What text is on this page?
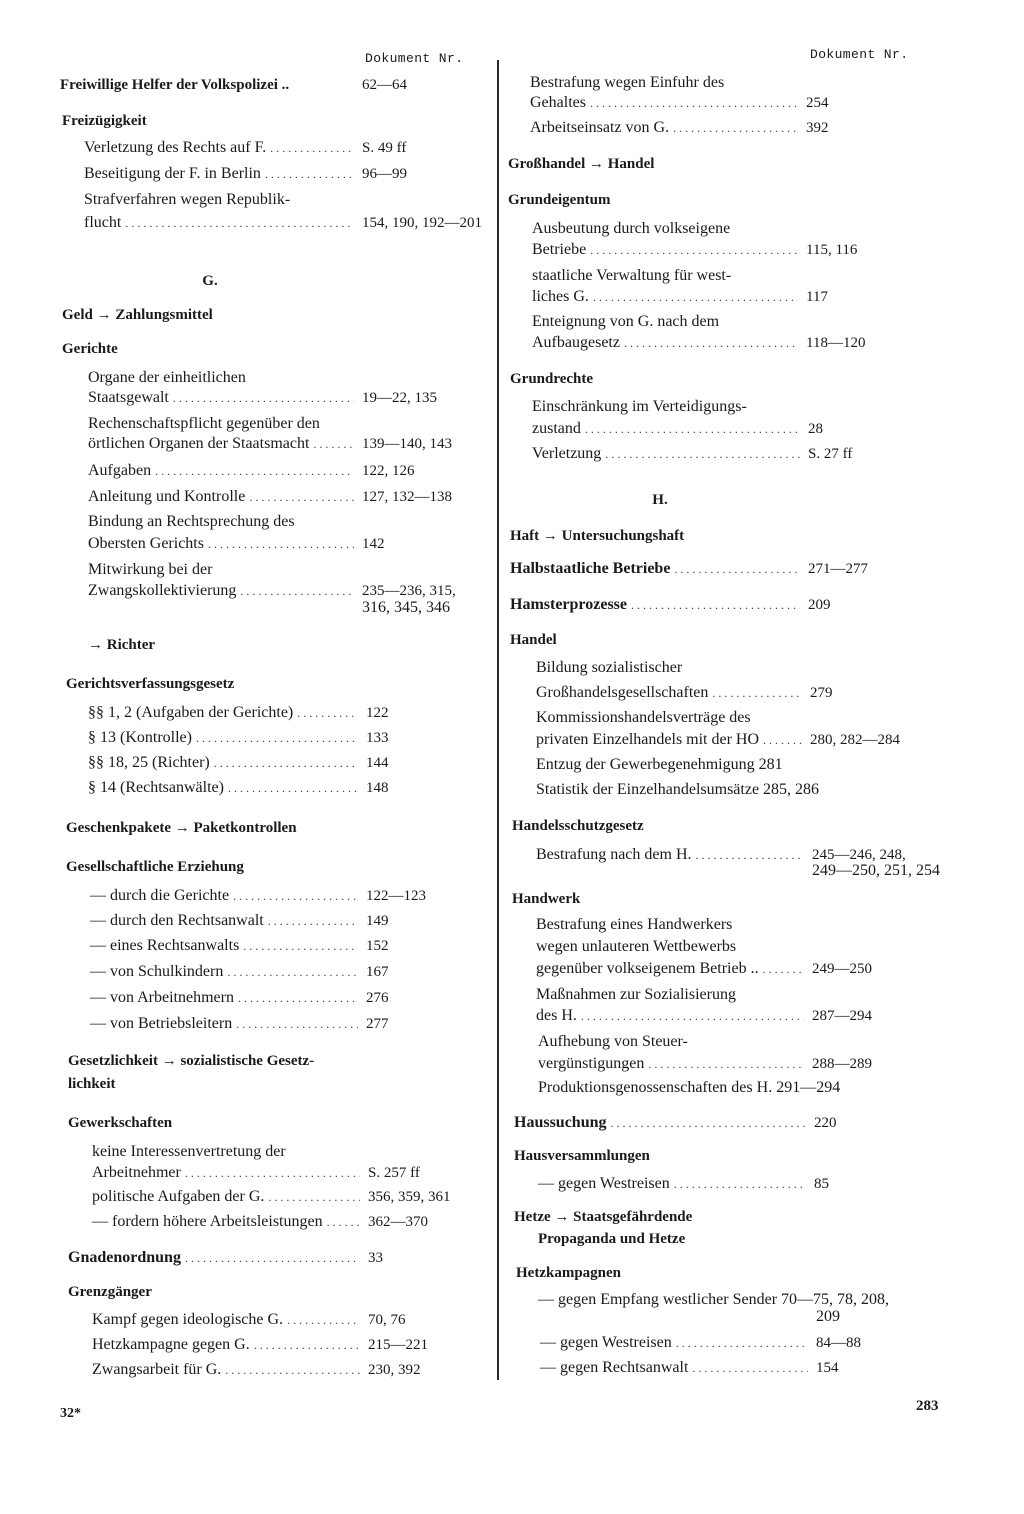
Dokument Nr.	Dokument Nr.
62—64
Freiwillige Helfer der Volkspolizei ..
Freizügigkeit
S. 49 ff
Verletzung des Rechts auf F.
. . .
96—99
Beseitigung der F. in Berlin
. . .
Strafverfahren wegen Republik-
154, 190, 192—201
flucht
. . .
G.
Geld → Zahlungsmittel
Gerichte
Organe der einheitlichen
19—22, 135
Staatsgewalt
. . .
Rechenschaftspflicht gegenüber den
139—140, 143
örtlichen Organen der Staatsmacht
. . .
122, 126
Aufgaben
. . .
127, 132—138
Anleitung und Kontrolle
. . .
Bindung an Rechtsprechung des
142
Obersten Gerichts
. . .
Mitwirkung bei der
235—236, 315,
Zwangskollektivierung
. . .
316, 345, 346
→ Richter
Gerichtsverfassungsgesetz
122
§§ 1, 2 (Aufgaben der Gerichte)
. . .
133
§ 13 (Kontrolle)
. . .
144
§§ 18, 25 (Richter)
. . .
148
§ 14 (Rechtsanwälte)
. . .
Geschenkpakete → Paketkontrollen
Gesellschaftliche Erziehung
122—123
— durch die Gerichte
. . .
149
— durch den Rechtsanwalt
. . .
152
— eines Rechtsanwalts
. . .
167
— von Schulkindern
. . .
276
— von Arbeitnehmern
. . .
277
— von Betriebsleitern
. . .
Gesetzlichkeit → sozialistische Gesetz-
lichkeit
Gewerkschaften
keine Interessenvertretung der
S. 257 ff
Arbeitnehmer
. . .
356, 359, 361
politische Aufgaben der G.
. . .
362—370
— fordern höhere Arbeitsleistungen
. . .
33
Gnadenordnung
. . .
Grenzgänger
70, 76
Kampf gegen ideologische G.
. . .
215—221
Hetzkampagne gegen G.
. . .
230, 392
Zwangsarbeit für G.
. . .
Bestrafung wegen Einfuhr des
254
Gehaltes
. . .
392
Arbeitseinsatz von G.
. . .
Großhandel → Handel
Grundeigentum
Ausbeutung durch volkseigene
115, 116
Betriebe
. . .
staatliche Verwaltung für west-
117
liches G.
. . .
Enteignung von G. nach dem
118—120
Aufbaugesetz
. . .
Grundrechte
Einschränkung im Verteidigungs-
28
zustand
. . .
S. 27 ff
Verletzung
. . .
H.
Haft → Untersuchungshaft
271—277
Halbstaatliche Betriebe
. . .
209
Hamsterprozesse
. . .
Handel
Bildung sozialistischer
279
Großhandelsgesellschaften
. . .
Kommissionshandelsverträge des
280, 282—284
privaten Einzelhandels mit der HO
. . .
Entzug der Gewerbegenehmigung 281
Statistik der Einzelhandelsumsätze 285, 286
Handelsschutzgesetz
245—246, 248,
Bestrafung nach dem H.
. . .
249—250, 251, 254
Handwerk
Bestrafung eines Handwerkers
wegen unlauteren Wettbewerbs
249—250
gegenüber volkseigenem Betrieb ..
. . .
Maßnahmen zur Sozialisierung
287—294
des H.
. . .
Aufhebung von Steuer-
288—289
vergünstigungen
. . .
Produktionsgenossenschaften des H. 291—294
220
Haussuchung
. . .
Hausversammlungen
85
— gegen Westreisen
. . .
Hetze → Staatsgefährdende
Propaganda und Hetze
Hetzkampagnen
— gegen Empfang westlicher Sender 70—75, 78, 208,
209
84—88
— gegen Westreisen
. . .
154
— gegen Rechtsanwalt
. . .
32*	283
